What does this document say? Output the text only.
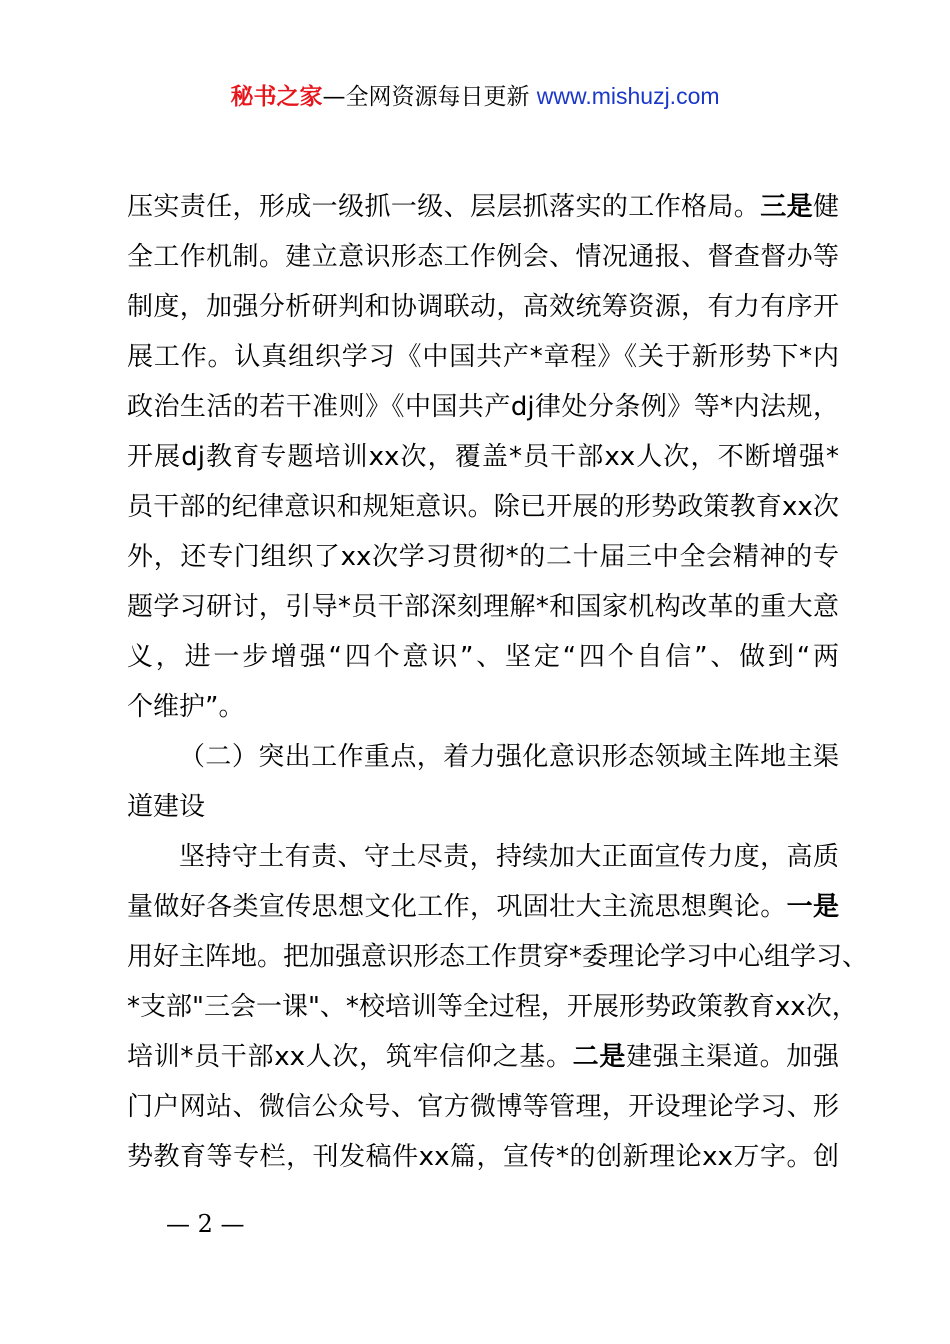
秘书之家—全网资源每日更新 www.mishuzj.com
压实责任，形成一级抓一级、层层抓落实的工作格局。三是健
全工作机制。建立意识形态工作例会、情况通报、督查督办等
制度，加强分析研判和协调联动，高效统筹资源，有力有序开
展工作。认真组织学习《中国共产*章程》《关于新形势下*内
政治生活的若干准则》《中国共产dj律处分条例》等*内法规，
开展dj教育专题培训xx次，覆盖*员干部xx人次，不断增强*
员干部的纪律意识和规矩意识。除已开展的形势政策教育xx次
外，还专门组织了xx次学习贯彻*的二十届三中全会精神的专
题学习研讨，引导*员干部深刻理解*和国家机构改革的重大意
义，进一步增强“四个意识”、坚定“四个自信”、做到“两
个维护”。
（二）突出工作重点，着力强化意识形态领域主阵地主渠
道建设
坚持守土有责、守土尽责，持续加大正面宣传力度，高质
量做好各类宣传思想文化工作，巩固壮大主流思想舆论。一是
用好主阵地。把加强意识形态工作贯穿*委理论学习中心组学习、
*支部"三会一课"、*校培训等全过程，开展形势政策教育xx次，
培训*员干部xx人次，筑牢信仰之基。二是建强主渠道。加强
门户网站、微信公众号、官方微博等管理，开设理论学习、形
势教育等专栏，刊发稿件xx篇，宣传*的创新理论xx万字。创
— 2 —
